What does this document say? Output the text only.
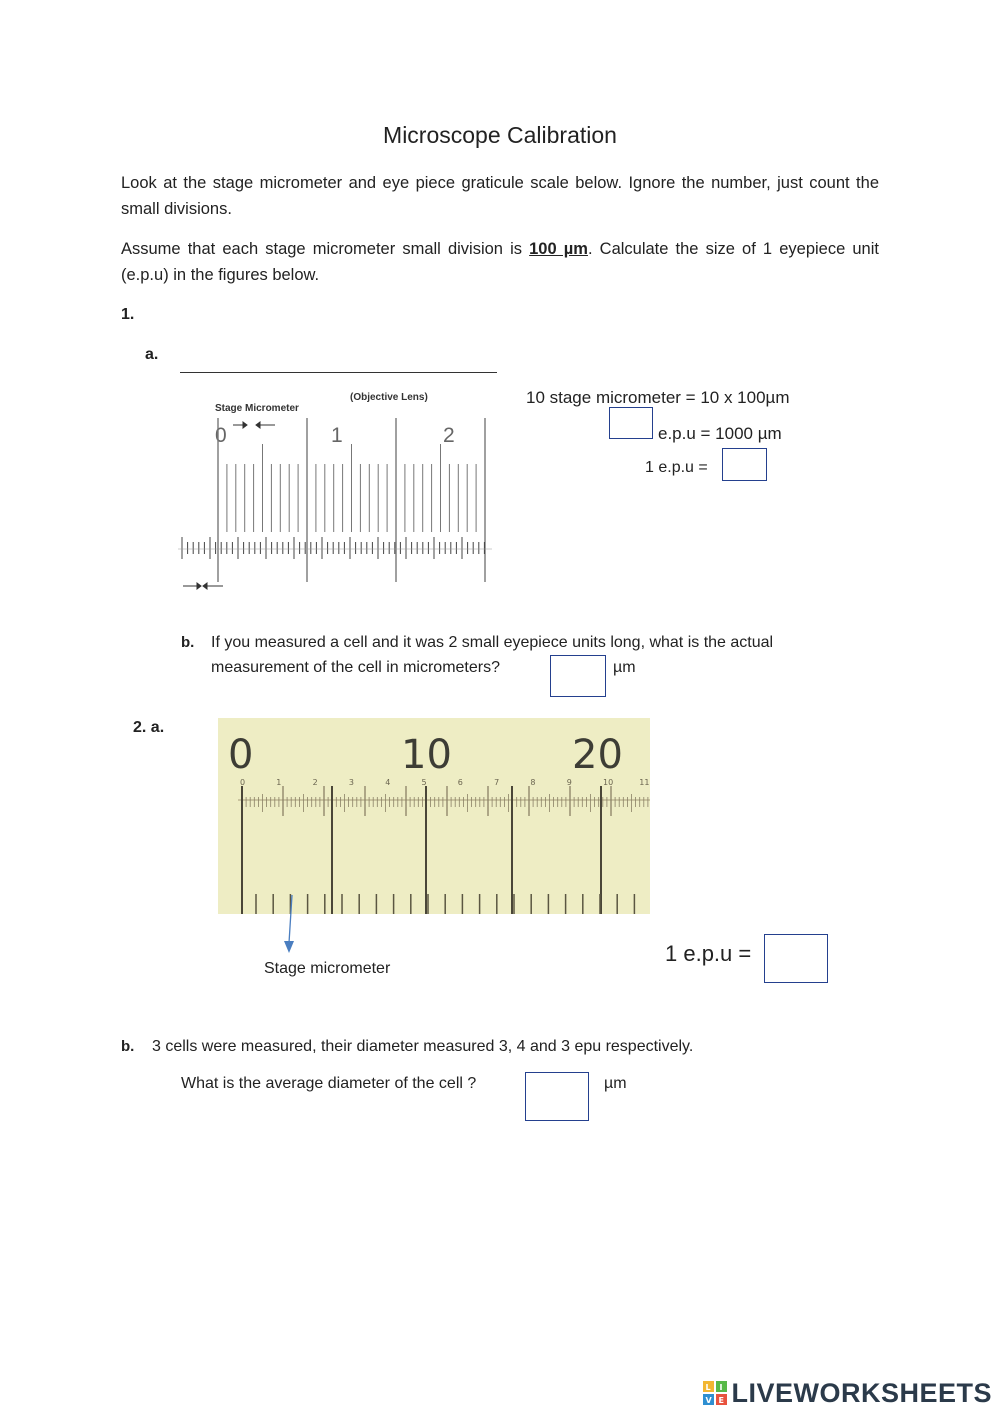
Microscope Calibration
Look at the stage micrometer and eye piece graticule scale below. Ignore the number, just count the small divisions.
Assume that each stage micrometer small division is 100 µm. Calculate the size of 1 eyepiece unit (e.p.u) in the figures below.
1.
a.
Stage Micrometer
(Objective Lens)
0	1	2
10 stage micrometer = 10 x 100µm
e.p.u = 1000 µm
1 e.p.u =
b. If you measured a cell and it was 2 small eyepiece units long, what is the actual
measurement of the cell in micrometers?	µm
2. a.
0	10	20
0	1	2	3	4	5	6	7	8	9	10	11
Stage micrometer
1 e.p.u =
b. 3 cells were measured, their diameter measured 3, 4 and 3 epu respectively.
What is the average diameter of the cell ?	µm
L I
V E LIVEWORKSHEETS
